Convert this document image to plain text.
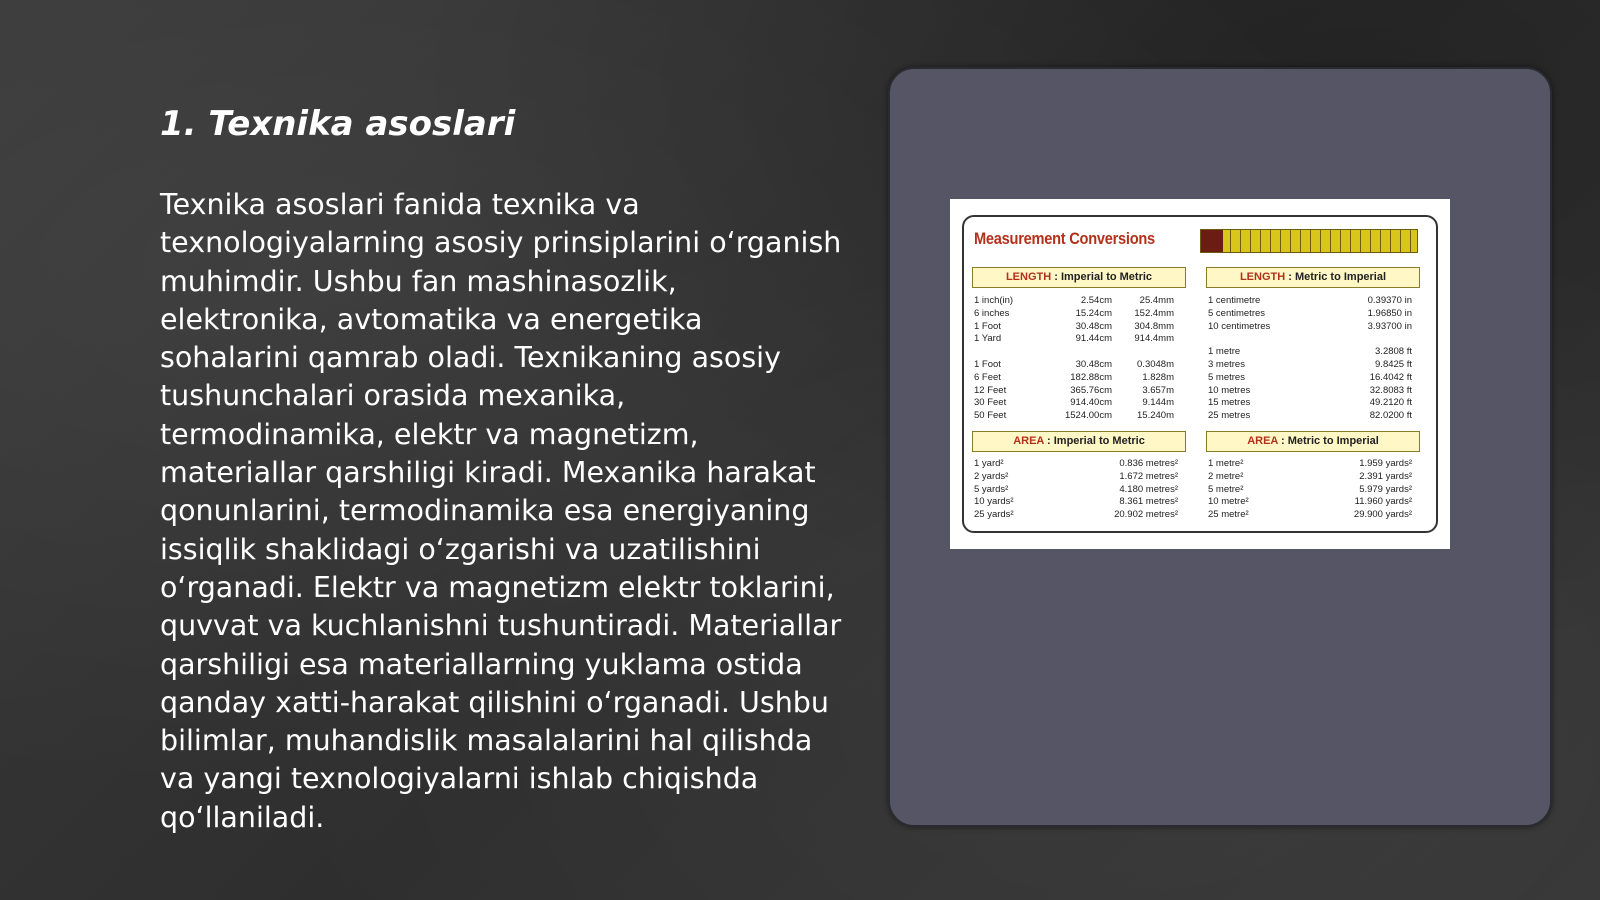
1. Texnika asoslari

Texnika asoslari fanida texnika va texnologiyalarning asosiy prinsiplarini o‘rganish muhimdir. Ushbu fan mashinasozlik, elektronika, avtomatika va energetika sohalarini qamrab oladi. Texnikaning asosiy tushunchalari orasida mexanika, termodinamika, elektr va magnetizm, materiallar qarshiligi kiradi. Mexanika harakat qonunlarini, termodinamika esa energiyaning issiqlik shaklidagi o‘zgarishi va uzatilishini o‘rganadi. Elektr va magnetizm elektr toklarini, quvvat va kuchlanishni tushuntiradi. Materiallar qarshiligi esa materiallarning yuklama ostida qanday xatti-harakat qilishini o‘rganadi. Ushbu bilimlar, muhandislik masalalarini hal qilishda va yangi texnologiyalarni ishlab chiqishda qo‘llaniladi.

Measurement Conversions
LENGTH : Imperial to Metric
1 inch(in)	2.54cm	25.4mm
6 inches	15.24cm	152.4mm
1 Foot	30.48cm	304.8mm
1 Yard	91.44cm	914.4mm
1 Foot	30.48cm	0.3048m
6 Feet	182.88cm	1.828m
12 Feet	365.76cm	3.657m
30 Feet	914.40cm	9.144m
50 Feet	1524.00cm	15.240m
LENGTH : Metric to Imperial
1 centimetre	0.39370 in
5 centimetres	1.96850 in
10 centimetres	3.93700 in
1 metre	3.2808 ft
3 metres	9.8425 ft
5 metres	16.4042 ft
10 metres	32.8083 ft
15 metres	49.2120 ft
25 metres	82.0200 ft
AREA : Imperial to Metric
1 yard²	0.836 metres²
2 yards²	1.672 metres²
5 yards²	4.180 metres²
10 yards²	8.361 metres²
25 yards²	20.902 metres²
AREA : Metric to Imperial
1 metre²	1.959 yards²
2 metre²	2.391 yards²
5 metre²	5.979 yards²
10 metre²	11.960 yards²
25 metre²	29.900 yards²
